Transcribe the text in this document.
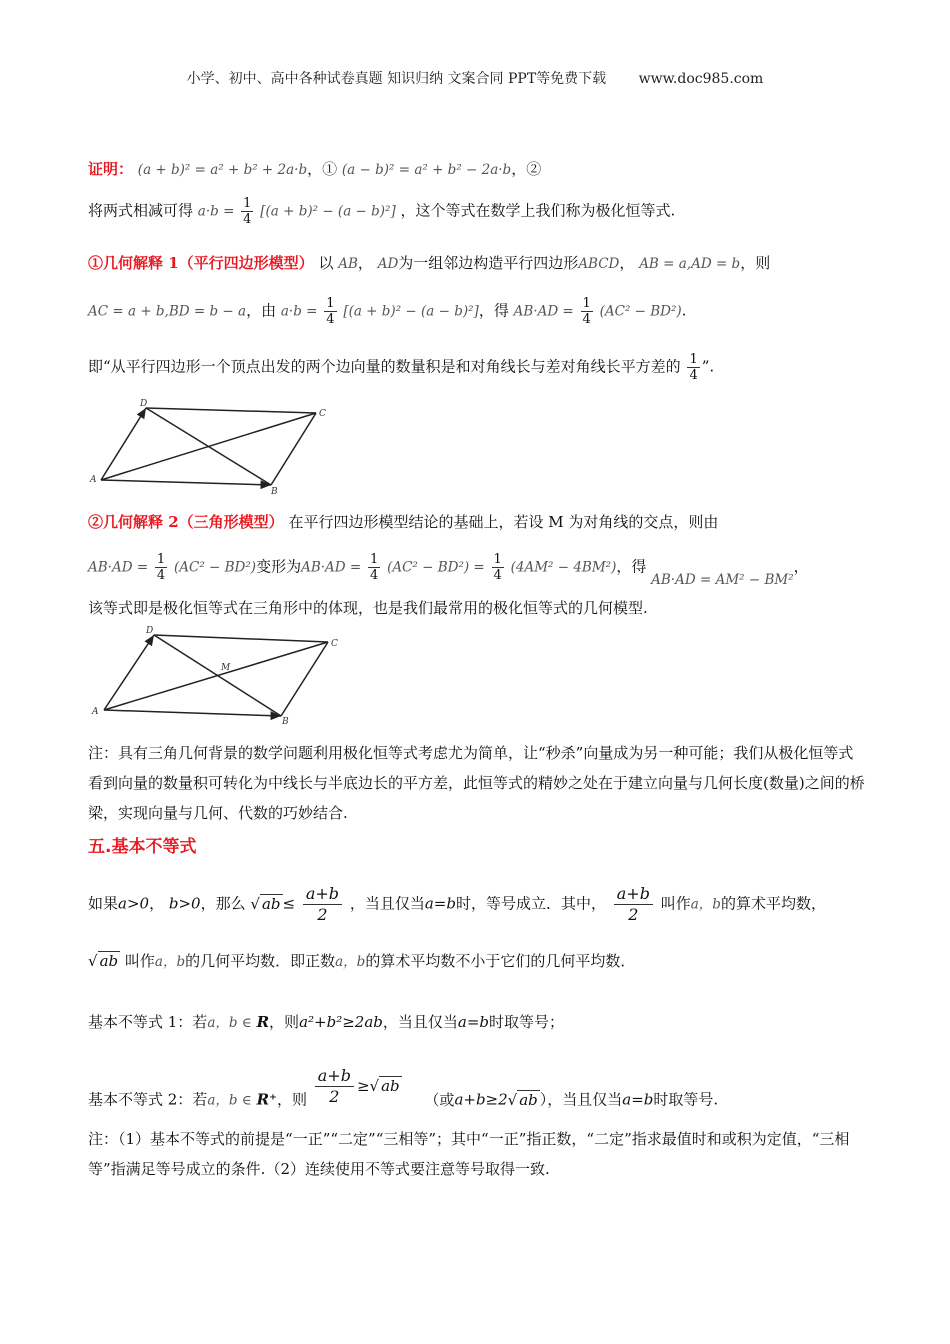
小学、初中、高中各种试卷真题 知识归纳 文案合同 PPT等免费下载 www.doc985.com
证明： (a + b)² = a² + b² + 2a·b，① (a − b)² = a² + b² − 2a·b，②
将两式相减可得 $a\cdot b = \frac{1}{4} [(a + b)^2 - (a - b)^2]$ ，这个等式在数学上我们称为极化恒等式.
①几何解释 1（平行四边形模型） 以 AB， AD为一组邻边构造平行四边形ABCD， AB = a,AD = b，则
AC = a + b,BD = b − a，由 $a\cdot b = \frac{1}{4} [(a + b)^2 - (a - b)^2]$，得 $AB\cdot AD = \frac{1}{4} (AC^2 - BD^2)$.
即“从平行四边形一个顶点出发的两个边向量的数量积是和对角线长与差对角线长平方差的 $\frac{1}{4}$ ”.
A
B
C
D
②几何解释 2（三角形模型） 在平行四边形模型结论的基础上，若设 M 为对角线的交点，则由
$AB\cdot AD = \frac{1}{4} (AC^2 - BD^2)$变形为$AB\cdot AD = \frac{1}{4} (AC^2 - BD^2) = \frac{1}{4} (4AM^2 - 4BM^2)$，得 AB·AD = AM² − BM²，
该等式即是极化恒等式在三角形中的体现，也是我们最常用的极化恒等式的几何模型.
A
B
C
D
M
注：具有三角几何背景的数学问题利用极化恒等式考虑尤为简单，让“秒杀”向量成为另一种可能；我们从极化恒等式看到向量的数量积可转化为中线长与半底边长的平方差，此恒等式的精妙之处在于建立向量与几何长度(数量)之间的桥梁，实现向量与几何、代数的巧妙结合.
五.基本不等式
如果a>0， b>0，那么 √ ab ≤ $\frac{a+b}{2}$ ，当且仅当a=b时，等号成立．其中， $\frac{a+b}{2}$ 叫作a，b的算术平均数，
√ ab 叫作a，b的几何平均数．即正数a，b的算术平均数不小于它们的几何平均数．
基本不等式 1：若a，b ∈ R，则a²+b²≥2ab，当且仅当a=b时取等号；
基本不等式 2：若a，b ∈ R⁺，则 $\frac{a+b}{2}$ ≥√ ab （或a+b≥2√ ab ），当且仅当a=b时取等号.
注：（1）基本不等式的前提是“一正”“二定”“三相等”；其中“一正”指正数，“二定”指求最值时和或积为定值，“三相等”指满足等号成立的条件.（2）连续使用不等式要注意等号取得一致.
